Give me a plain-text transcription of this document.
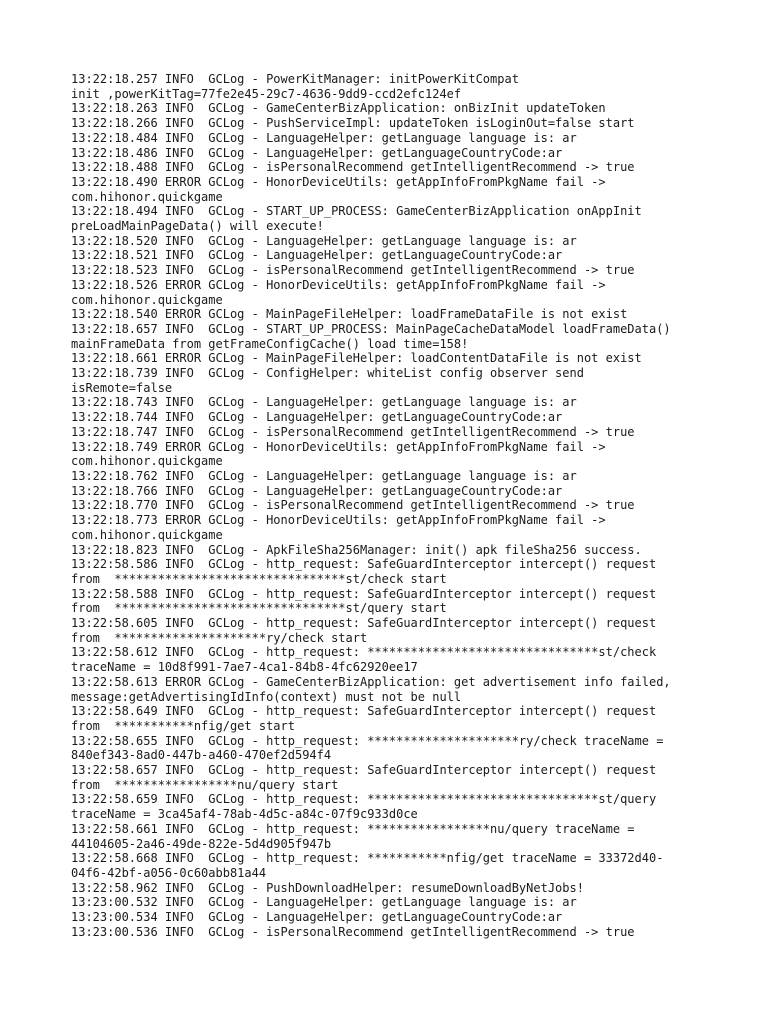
13:22:18.257 INFO  GCLog - PowerKitManager: initPowerKitCompat
init ,powerKitTag=77fe2e45-29c7-4636-9dd9-ccd2efc124ef
13:22:18.263 INFO  GCLog - GameCenterBizApplication: onBizInit updateToken
13:22:18.266 INFO  GCLog - PushServiceImpl: updateToken isLoginOut=false start
13:22:18.484 INFO  GCLog - LanguageHelper: getLanguage language is: ar
13:22:18.486 INFO  GCLog - LanguageHelper: getLanguageCountryCode:ar
13:22:18.488 INFO  GCLog - isPersonalRecommend getIntelligentRecommend -> true
13:22:18.490 ERROR GCLog - HonorDeviceUtils: getAppInfoFromPkgName fail ->
com.hihonor.quickgame
13:22:18.494 INFO  GCLog - START_UP_PROCESS: GameCenterBizApplication onAppInit
preLoadMainPageData() will execute!
13:22:18.520 INFO  GCLog - LanguageHelper: getLanguage language is: ar
13:22:18.521 INFO  GCLog - LanguageHelper: getLanguageCountryCode:ar
13:22:18.523 INFO  GCLog - isPersonalRecommend getIntelligentRecommend -> true
13:22:18.526 ERROR GCLog - HonorDeviceUtils: getAppInfoFromPkgName fail ->
com.hihonor.quickgame
13:22:18.540 ERROR GCLog - MainPageFileHelper: loadFrameDataFile is not exist
13:22:18.657 INFO  GCLog - START_UP_PROCESS: MainPageCacheDataModel loadFrameData()
mainFrameData from getFrameConfigCache() load time=158!
13:22:18.661 ERROR GCLog - MainPageFileHelper: loadContentDataFile is not exist
13:22:18.739 INFO  GCLog - ConfigHelper: whiteList config observer send
isRemote=false
13:22:18.743 INFO  GCLog - LanguageHelper: getLanguage language is: ar
13:22:18.744 INFO  GCLog - LanguageHelper: getLanguageCountryCode:ar
13:22:18.747 INFO  GCLog - isPersonalRecommend getIntelligentRecommend -> true
13:22:18.749 ERROR GCLog - HonorDeviceUtils: getAppInfoFromPkgName fail ->
com.hihonor.quickgame
13:22:18.762 INFO  GCLog - LanguageHelper: getLanguage language is: ar
13:22:18.766 INFO  GCLog - LanguageHelper: getLanguageCountryCode:ar
13:22:18.770 INFO  GCLog - isPersonalRecommend getIntelligentRecommend -> true
13:22:18.773 ERROR GCLog - HonorDeviceUtils: getAppInfoFromPkgName fail ->
com.hihonor.quickgame
13:22:18.823 INFO  GCLog - ApkFileSha256Manager: init() apk fileSha256 success.
13:22:58.586 INFO  GCLog - http_request: SafeGuardInterceptor intercept() request
from  ********************************st/check start
13:22:58.588 INFO  GCLog - http_request: SafeGuardInterceptor intercept() request
from  ********************************st/query start
13:22:58.605 INFO  GCLog - http_request: SafeGuardInterceptor intercept() request
from  *********************ry/check start
13:22:58.612 INFO  GCLog - http_request: ********************************st/check
traceName = 10d8f991-7ae7-4ca1-84b8-4fc62920ee17
13:22:58.613 ERROR GCLog - GameCenterBizApplication: get advertisement info failed,
message:getAdvertisingIdInfo(context) must not be null
13:22:58.649 INFO  GCLog - http_request: SafeGuardInterceptor intercept() request
from  ***********nfig/get start
13:22:58.655 INFO  GCLog - http_request: *********************ry/check traceName =
840ef343-8ad0-447b-a460-470ef2d594f4
13:22:58.657 INFO  GCLog - http_request: SafeGuardInterceptor intercept() request
from  *****************nu/query start
13:22:58.659 INFO  GCLog - http_request: ********************************st/query
traceName = 3ca45af4-78ab-4d5c-a84c-07f9c933d0ce
13:22:58.661 INFO  GCLog - http_request: *****************nu/query traceName =
44104605-2a46-49de-822e-5d4d905f947b
13:22:58.668 INFO  GCLog - http_request: ***********nfig/get traceName = 33372d40-
04f6-42bf-a056-0c60abb81a44
13:22:58.962 INFO  GCLog - PushDownloadHelper: resumeDownloadByNetJobs!
13:23:00.532 INFO  GCLog - LanguageHelper: getLanguage language is: ar
13:23:00.534 INFO  GCLog - LanguageHelper: getLanguageCountryCode:ar
13:23:00.536 INFO  GCLog - isPersonalRecommend getIntelligentRecommend -> true
